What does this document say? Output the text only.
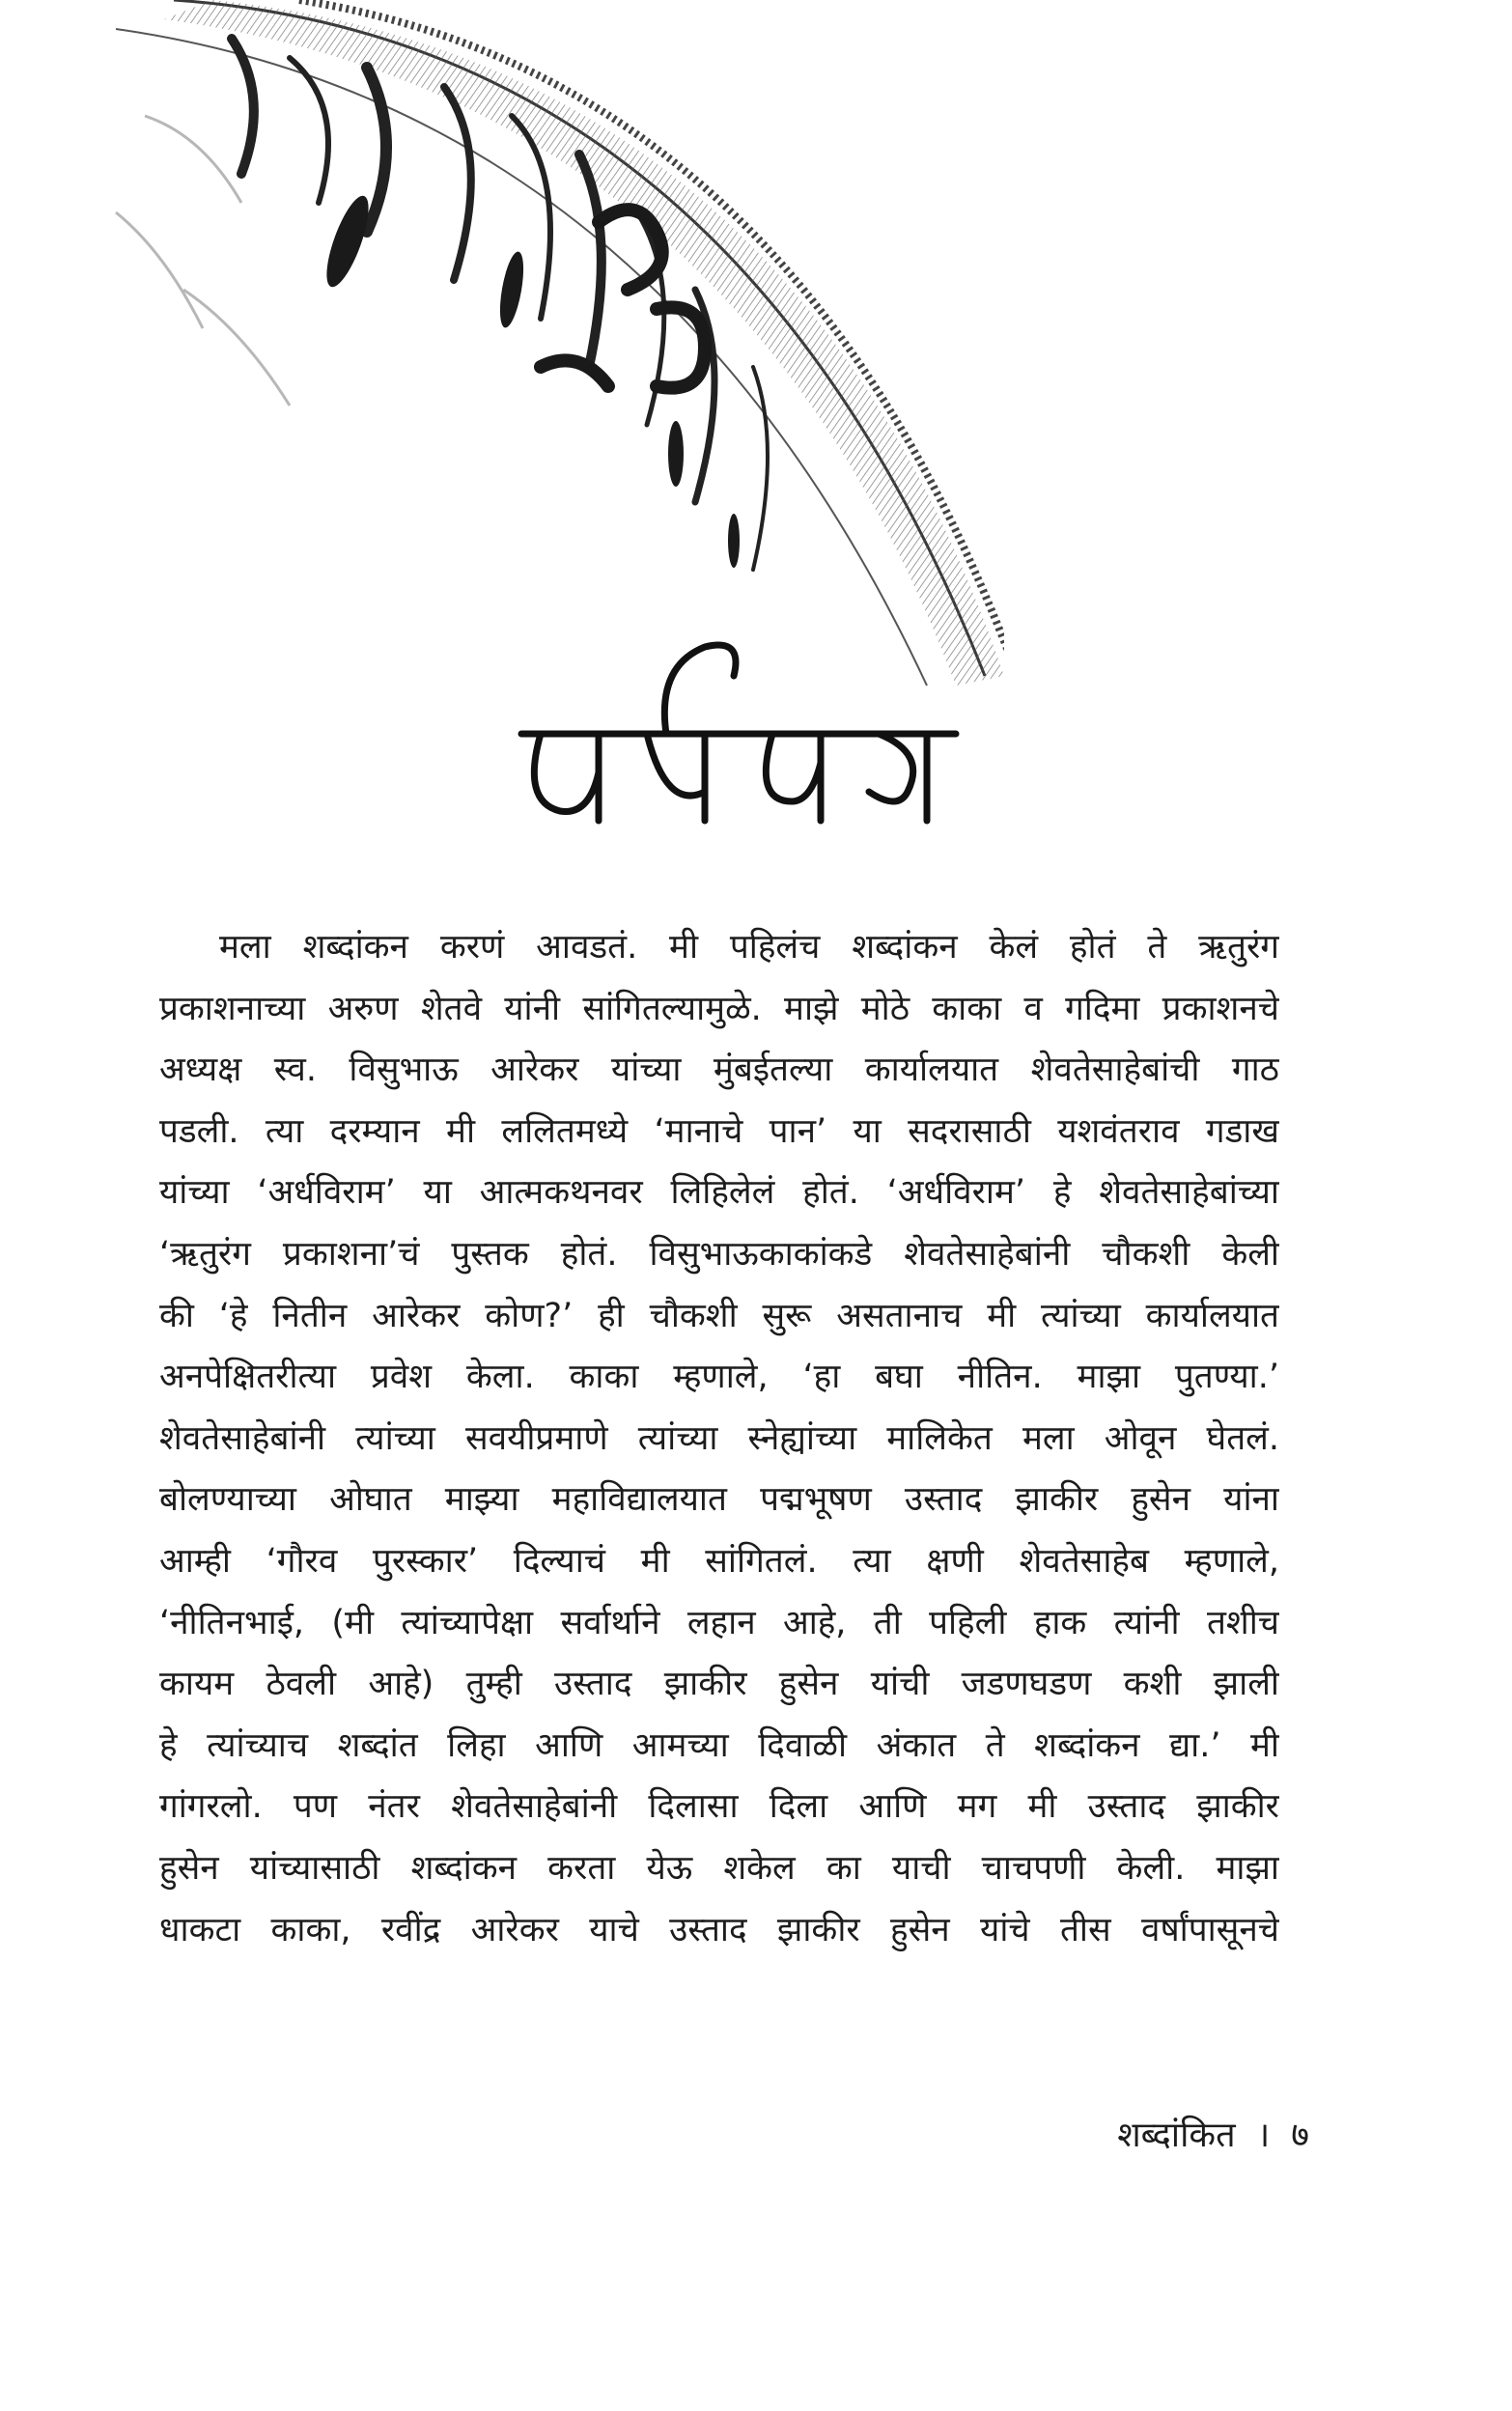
मला शब्दांकन करणं आवडतं. मी पहिलंच शब्दांकन केलं होतं ते ऋतुरंग
प्रकाशनाच्या अरुण शेतवे यांनी सांगितल्यामुळे. माझे मोठे काका व गदिमा प्रकाशनचे
अध्यक्ष स्व. विसुभाऊ आरेकर यांच्या मुंबईतल्या कार्यालयात शेवतेसाहेबांची गाठ
पडली. त्या दरम्यान मी ललितमध्ये ‘मानाचे पान’ या सदरासाठी यशवंतराव गडाख
यांच्या ‘अर्धविराम’ या आत्मकथनवर लिहिलेलं होतं. ‘अर्धविराम’ हे शेवतेसाहेबांच्या
‘ऋतुरंग प्रकाशना’चं पुस्तक होतं. विसुभाऊकाकांकडे शेवतेसाहेबांनी चौकशी केली
की ‘हे नितीन आरेकर कोण?’ ही चौकशी सुरू असतानाच मी त्यांच्या कार्यालयात
अनपेक्षितरीत्या प्रवेश केला. काका म्हणाले, ‘हा बघा नीतिन. माझा पुतण्या.’
शेवतेसाहेबांनी त्यांच्या सवयीप्रमाणे त्यांच्या स्नेह्यांच्या मालिकेत मला ओवून घेतलं.
बोलण्याच्या ओघात माझ्या महाविद्यालयात पद्मभूषण उस्ताद झाकीर हुसेन यांना
आम्ही ‘गौरव पुरस्कार’ दिल्याचं मी सांगितलं. त्या क्षणी शेवतेसाहेब म्हणाले,
‘नीतिनभाई, (मी त्यांच्यापेक्षा सर्वार्थाने लहान आहे, ती पहिली हाक त्यांनी तशीच
कायम ठेवली आहे) तुम्ही उस्ताद झाकीर हुसेन यांची जडणघडण कशी झाली
हे त्यांच्याच शब्दांत लिहा आणि आमच्या दिवाळी अंकात ते शब्दांकन द्या.’ मी
गांगरलो. पण नंतर शेवतेसाहेबांनी दिलासा दिला आणि मग मी उस्ताद झाकीर
हुसेन यांच्यासाठी शब्दांकन करता येऊ शकेल का याची चाचपणी केली. माझा
धाकटा काका, रवींद्र आरेकर याचे उस्ताद झाकीर हुसेन यांचे तीस वर्षांपासूनचे
शब्दांकित । ७
